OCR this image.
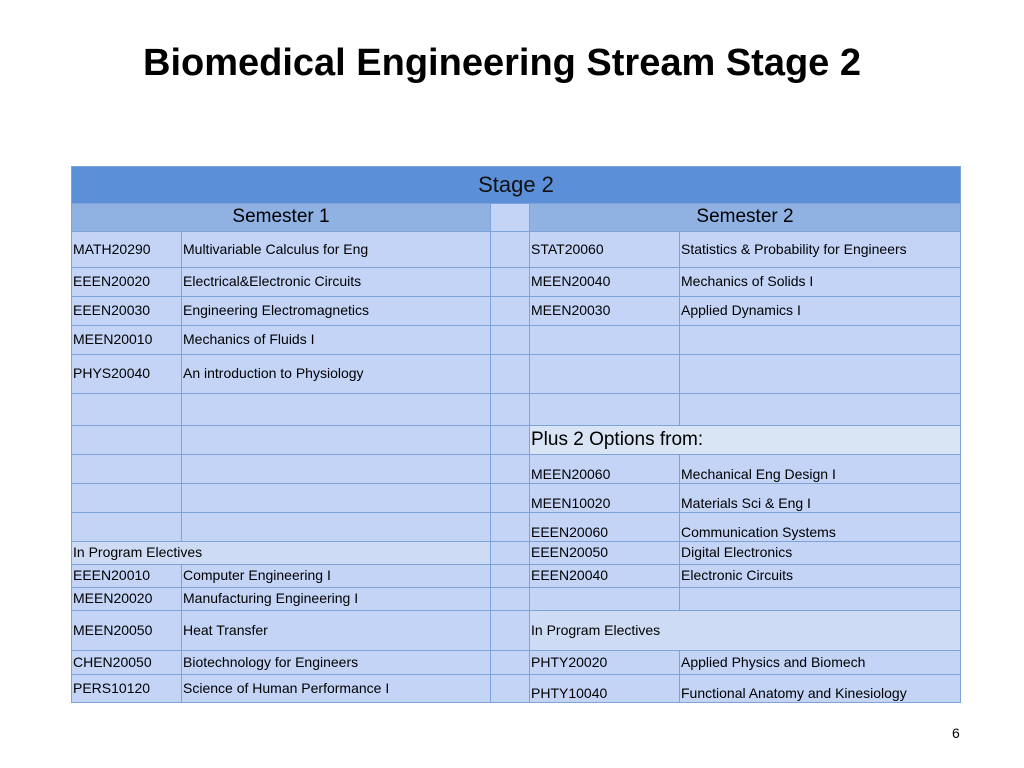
Biomedical Engineering Stream Stage 2
Stage 2				
Semester 1			Semester 2	
MATH20290	Multivariable Calculus for Eng		STAT20060	Statistics & Probability for Engineers
EEEN20020	Electrical&Electronic Circuits		MEEN20040	Mechanics of Solids I
EEEN20030	Engineering Electromagnetics		MEEN20030	Applied Dynamics I
MEEN20010	Mechanics of Fluids I			
PHYS20040	An introduction to Physiology			

			Plus 2 Options from:	
			MEEN20060	Mechanical Eng Design I
			MEEN10020	Materials Sci & Eng I
			EEEN20060	Communication Systems
In Program Electives			EEEN20050	Digital Electronics
EEEN20010	Computer Engineering I		EEEN20040	Electronic Circuits
MEEN20020	Manufacturing Engineering I			
MEEN20050	Heat Transfer		In Program Electives	
CHEN20050	Biotechnology for Engineers		PHTY20020	Applied Physics and Biomech
PERS10120	Science of Human Performance I		PHTY10040	Functional Anatomy and Kinesiology
6
